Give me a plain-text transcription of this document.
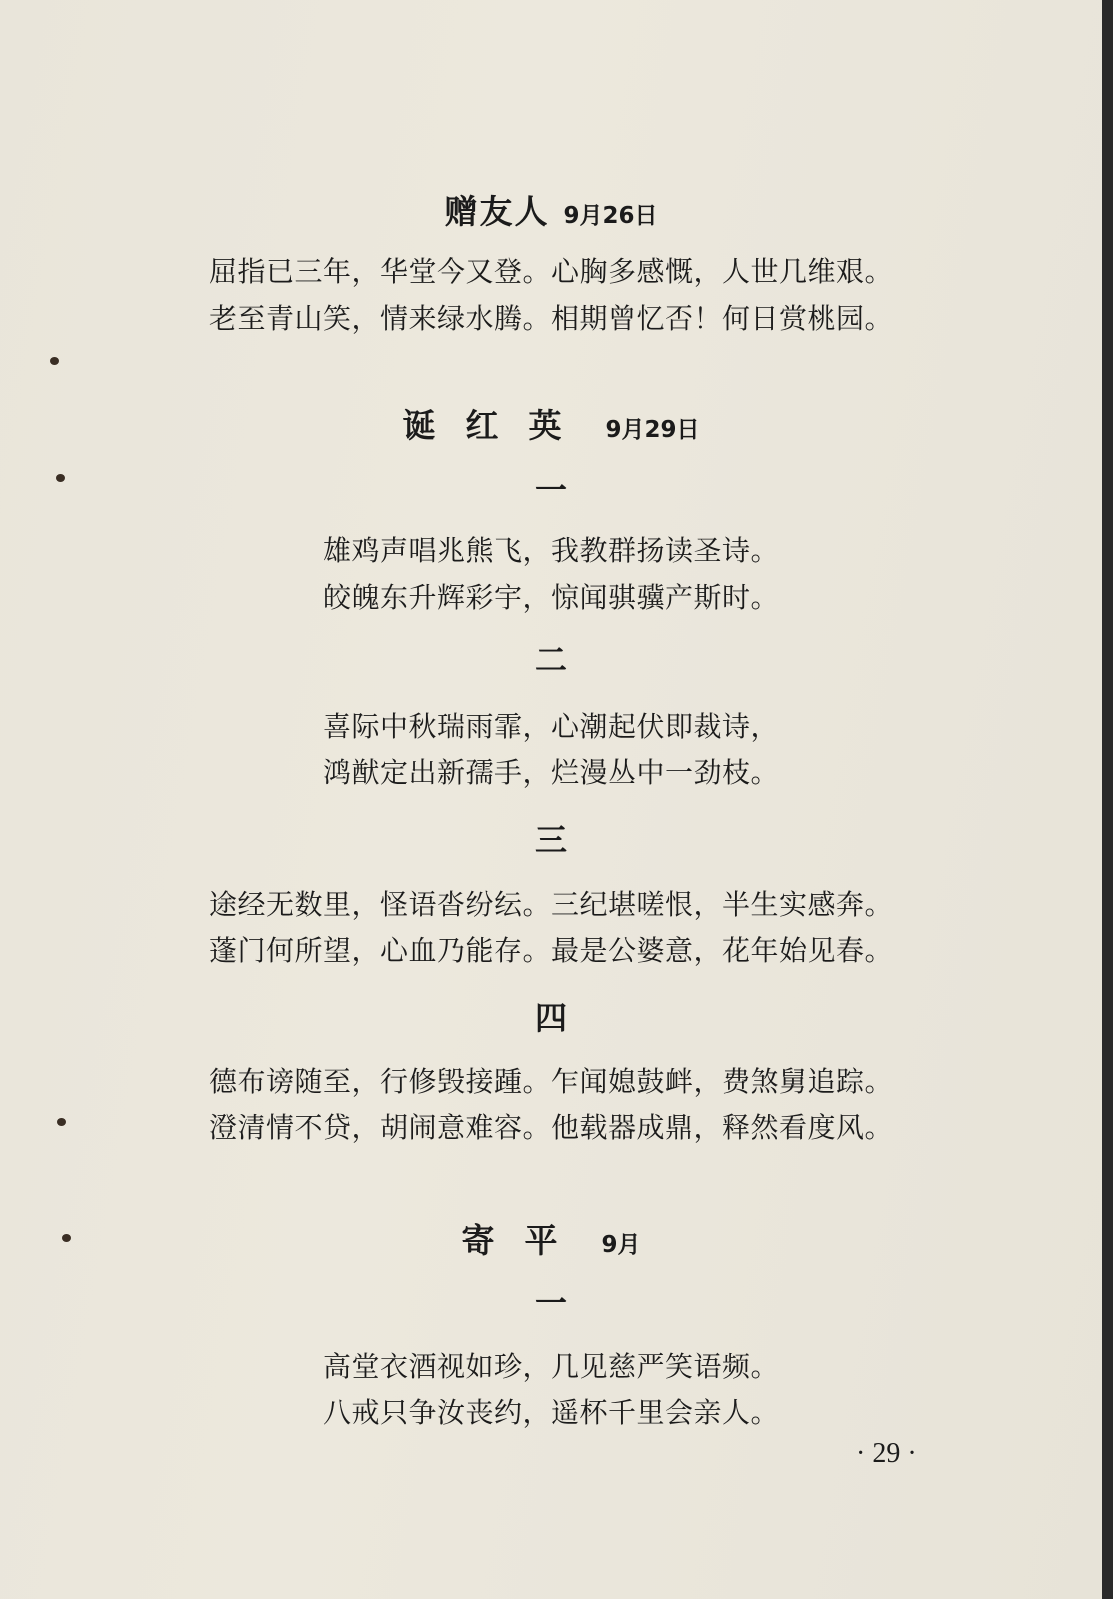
赠友人 9月26日
屈指已三年，华堂今又登。心胸多感慨，人世几维艰。
老至青山笑，情来绿水腾。相期曾忆否！何日赏桃园。
诞红英 9月29日
一
雄鸡声唱兆熊飞，我教群扬读圣诗。
皎魄东升辉彩宇，惊闻骐骥产斯时。
二
喜际中秋瑞雨霏，心潮起伏即裁诗，
鸿猷定出新孺手，烂漫丛中一劲枝。
三
途经无数里，怪语沓纷纭。三纪堪嗟恨，半生实感奔。
蓬门何所望，心血乃能存。最是公婆意，花年始见春。
四
德布谤随至，行修毁接踵。乍闻媳鼓衅，费煞舅追踪。
澄清情不贷，胡闹意难容。他载器成鼎，释然看度风。
寄平 9月
一
高堂衣酒视如珍，几见慈严笑语频。
八戒只争汝丧约，遥杯千里会亲人。
· 29 ·
